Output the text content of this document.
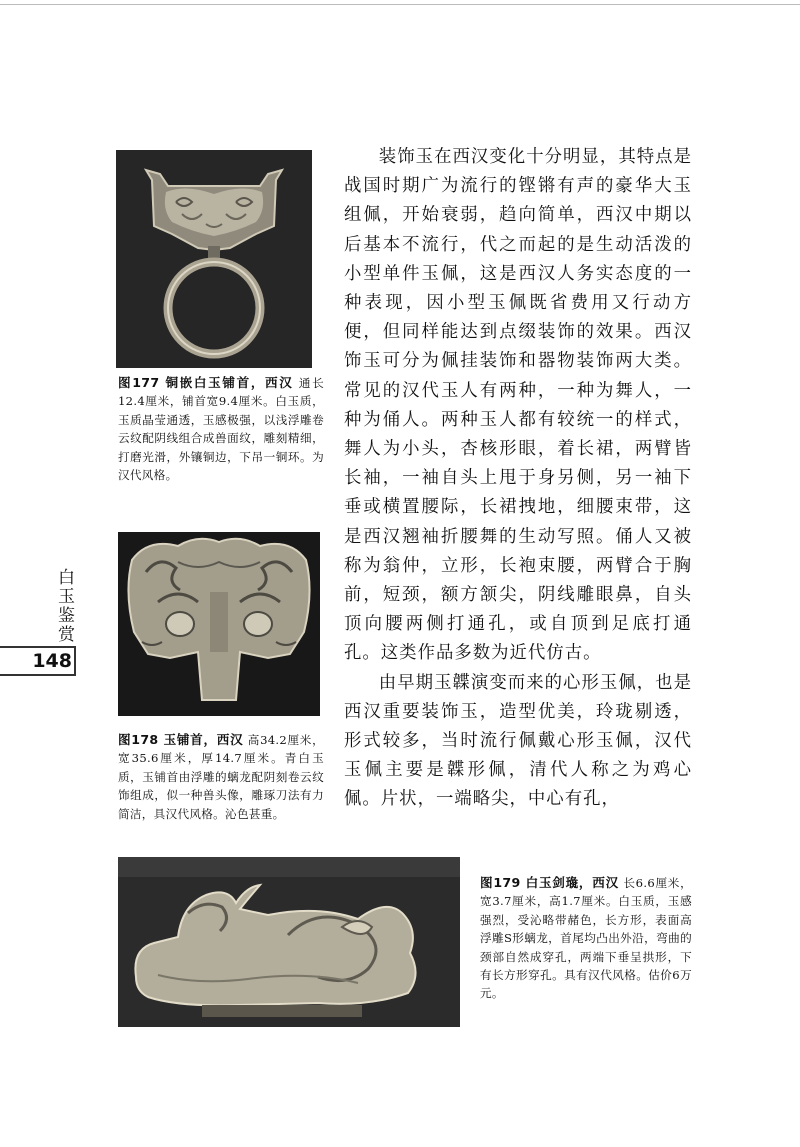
图177 铜嵌白玉铺首，西汉 通长12.4厘米，铺首宽9.4厘米。白玉质，玉质晶莹通透，玉感极强，以浅浮雕卷云纹配阴线组合成兽面纹，雕刻精细，打磨光滑，外镶铜边，下吊一铜环。为汉代风格。

图178 玉铺首，西汉 高34.2厘米，宽35.6厘米，厚14.7厘米。青白玉质，玉铺首由浮雕的螭龙配阴刻卷云纹饰组成，似一种兽头像，雕琢刀法有力简洁，具汉代风格。沁色甚重。

图179 白玉剑璏，西汉 长6.6厘米，宽3.7厘米，高1.7厘米。白玉质，玉感强烈，受沁略带赭色，长方形，表面高浮雕S形螭龙，首尾均凸出外沿，弯曲的颈部自然成穿孔，两端下垂呈拱形，下有长方形穿孔。具有汉代风格。估价6万元。

装饰玉在西汉变化十分明显，其特点是战国时期广为流行的铿锵有声的豪华大玉组佩，开始衰弱，趋向简单，西汉中期以后基本不流行，代之而起的是生动活泼的小型单件玉佩，这是西汉人务实态度的一种表现，因小型玉佩既省费用又行动方便，但同样能达到点缀装饰的效果。西汉饰玉可分为佩挂装饰和器物装饰两大类。常见的汉代玉人有两种，一种为舞人，一种为俑人。两种玉人都有较统一的样式，舞人为小头，杏核形眼，着长裙，两臂皆长袖，一袖自头上甩于身另侧，另一袖下垂或横置腰际，长裙拽地，细腰束带，这是西汉翘袖折腰舞的生动写照。俑人又被称为翁仲，立形，长袍束腰，两臂合于胸前，短颈，额方颔尖，阴线雕眼鼻，自头顶向腰两侧打通孔，或自顶到足底打通孔。这类作品多数为近代仿古。

由早期玉韘演变而来的心形玉佩，也是西汉重要装饰玉，造型优美，玲珑剔透，形式较多，当时流行佩戴心形玉佩，汉代玉佩主要是韘形佩，清代人称之为鸡心佩。片状，一端略尖，中心有孔，

白玉鉴赏
148
